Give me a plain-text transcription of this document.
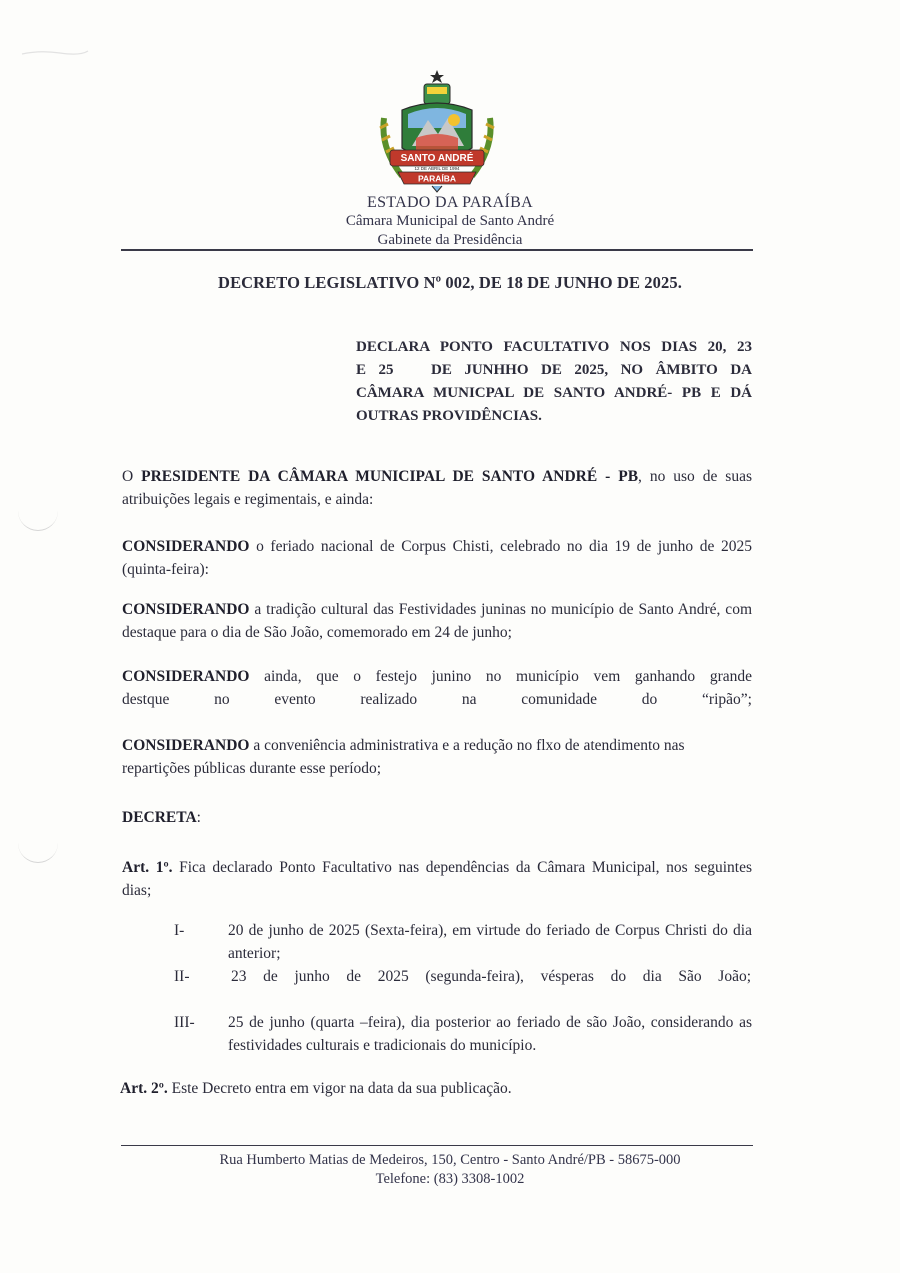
SANTO ANDRÉ
12 DE ABRIL DE 1994
PARAÍBA
ESTADO DA PARAÍBA
Câmara Municipal de Santo André
Gabinete da Presidência
DECRETO LEGISLATIVO Nº 002, DE 18 DE JUNHO DE 2025.
DECLARA PONTO FACULTATIVO NOS DIAS 20, 23
E 25   DE JUNHHO DE 2025, NO ÂMBITO DA
CÂMARA MUNICPAL DE SANTO ANDRÉ- PB E DÁ
OUTRAS PROVIDÊNCIAS.
O PRESIDENTE DA CÂMARA MUNICIPAL DE SANTO ANDRÉ - PB, no uso de suas atribuições legais e regimentais, e ainda:
CONSIDERANDO o feriado nacional de Corpus Chisti, celebrado no dia 19 de junho de 2025 (quinta-feira):
CONSIDERANDO a tradição cultural das Festividades juninas no município de Santo André, com destaque para o dia de São João, comemorado em 24 de junho;
CONSIDERANDO ainda, que o festejo junino no município vem ganhando grande
destque	no	evento	realizado	na	comunidade	do	“ripão”;
CONSIDERANDO a conveniência administrativa e a redução no flxo de atendimento nas repartições públicas durante esse período;
DECRETA:
Art. 1º. Fica declarado Ponto Facultativo nas dependências da Câmara Municipal, nos seguintes dias;
I-	20 de junho de 2025 (Sexta-feira), em virtude do feriado de Corpus Christi do dia anterior;
II-	23 de junho de 2025 (segunda-feira), vésperas do dia São João;
III- 25 de junho (quarta –feira), dia posterior ao feriado de são João, considerando as festividades culturais e tradicionais do município.
Art. 2º. Este Decreto entra em vigor na data da sua publicação.
Rua Humberto Matias de Medeiros, 150, Centro - Santo André/PB - 58675-000
Telefone: (83) 3308-1002
